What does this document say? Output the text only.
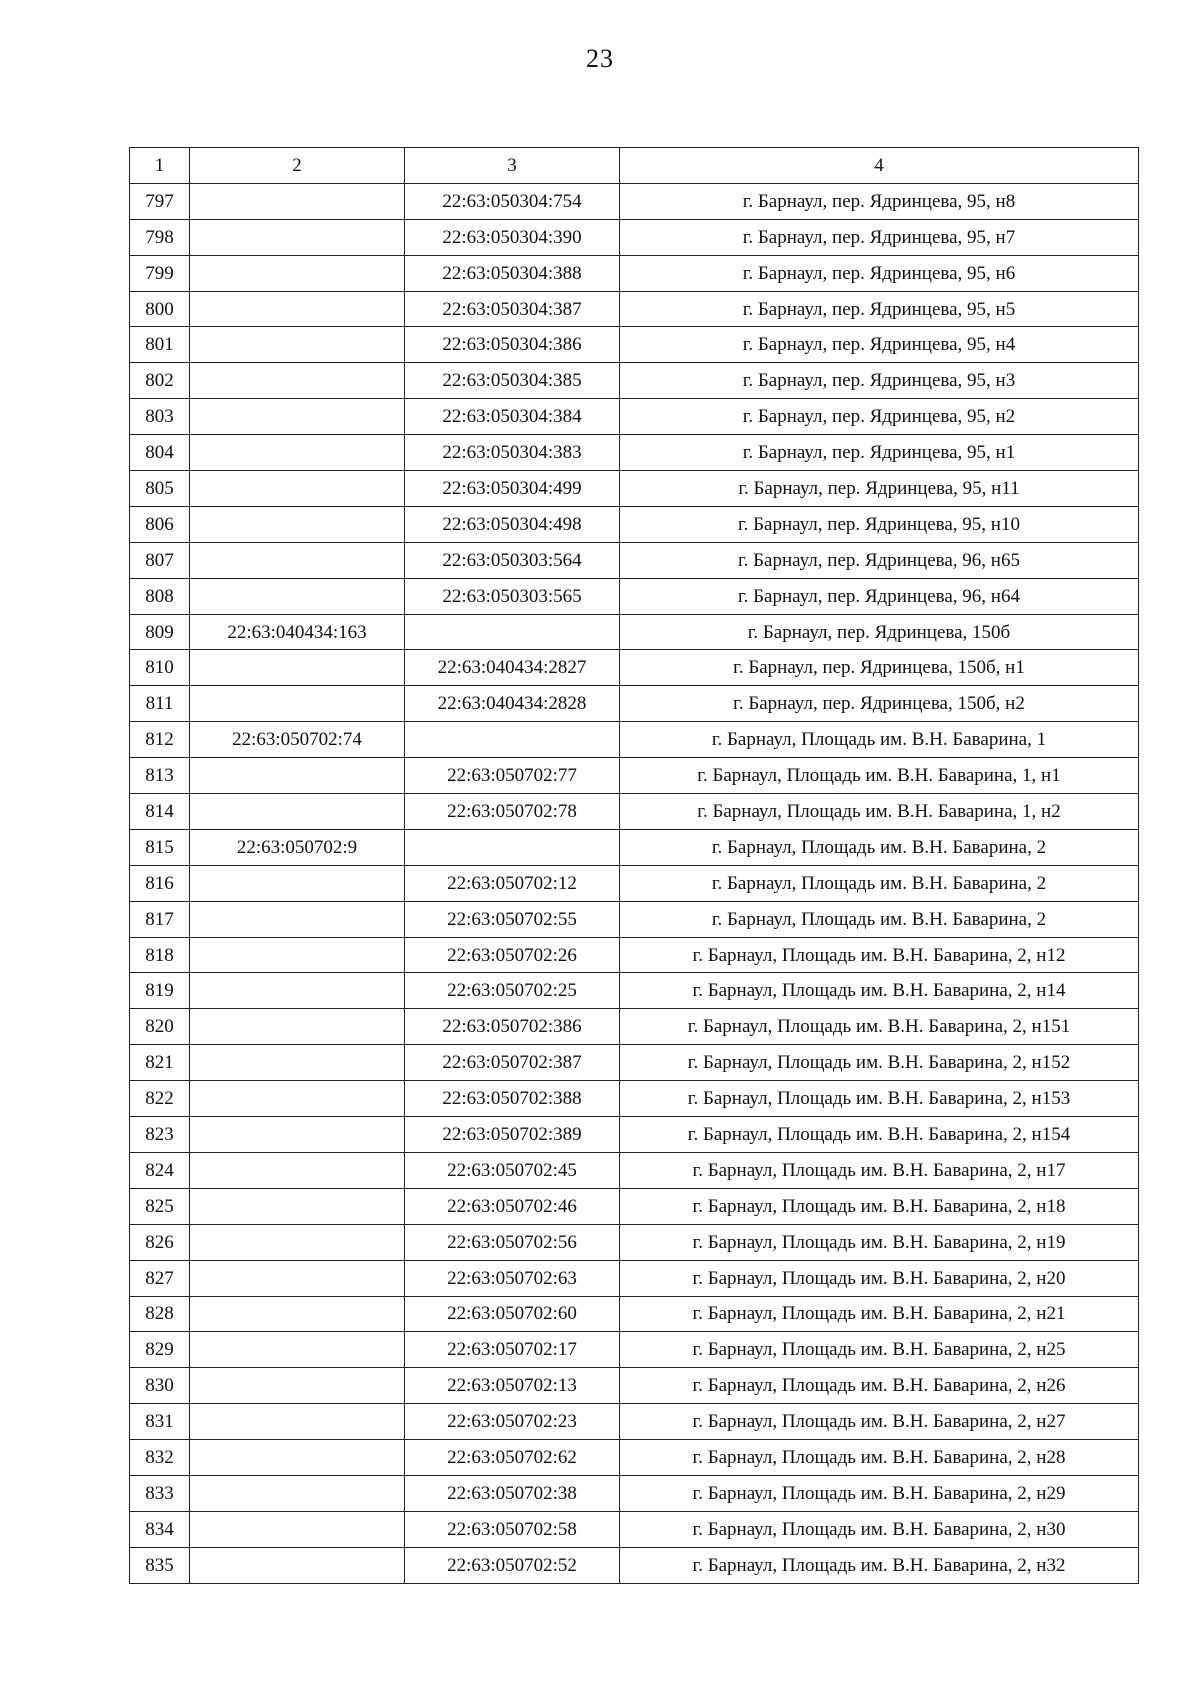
23
1	2	3	4
797		22:63:050304:754	г. Барнаул, пер. Ядринцева, 95, н8
798		22:63:050304:390	г. Барнаул, пер. Ядринцева, 95, н7
799		22:63:050304:388	г. Барнаул, пер. Ядринцева, 95, н6
800		22:63:050304:387	г. Барнаул, пер. Ядринцева, 95, н5
801		22:63:050304:386	г. Барнаул, пер. Ядринцева, 95, н4
802		22:63:050304:385	г. Барнаул, пер. Ядринцева, 95, н3
803		22:63:050304:384	г. Барнаул, пер. Ядринцева, 95, н2
804		22:63:050304:383	г. Барнаул, пер. Ядринцева, 95, н1
805		22:63:050304:499	г. Барнаул, пер. Ядринцева, 95, н11
806		22:63:050304:498	г. Барнаул, пер. Ядринцева, 95, н10
807		22:63:050303:564	г. Барнаул, пер. Ядринцева, 96, н65
808		22:63:050303:565	г. Барнаул, пер. Ядринцева, 96, н64
809	22:63:040434:163		г. Барнаул, пер. Ядринцева, 150б
810		22:63:040434:2827	г. Барнаул, пер. Ядринцева, 150б, н1
811		22:63:040434:2828	г. Барнаул, пер. Ядринцева, 150б, н2
812	22:63:050702:74		г. Барнаул, Площадь им. В.Н. Баварина, 1
813		22:63:050702:77	г. Барнаул, Площадь им. В.Н. Баварина, 1, н1
814		22:63:050702:78	г. Барнаул, Площадь им. В.Н. Баварина, 1, н2
815	22:63:050702:9		г. Барнаул, Площадь им. В.Н. Баварина, 2
816		22:63:050702:12	г. Барнаул, Площадь им. В.Н. Баварина, 2
817		22:63:050702:55	г. Барнаул, Площадь им. В.Н. Баварина, 2
818		22:63:050702:26	г. Барнаул, Площадь им. В.Н. Баварина, 2, н12
819		22:63:050702:25	г. Барнаул, Площадь им. В.Н. Баварина, 2, н14
820		22:63:050702:386	г. Барнаул, Площадь им. В.Н. Баварина, 2, н151
821		22:63:050702:387	г. Барнаул, Площадь им. В.Н. Баварина, 2, н152
822		22:63:050702:388	г. Барнаул, Площадь им. В.Н. Баварина, 2, н153
823		22:63:050702:389	г. Барнаул, Площадь им. В.Н. Баварина, 2, н154
824		22:63:050702:45	г. Барнаул, Площадь им. В.Н. Баварина, 2, н17
825		22:63:050702:46	г. Барнаул, Площадь им. В.Н. Баварина, 2, н18
826		22:63:050702:56	г. Барнаул, Площадь им. В.Н. Баварина, 2, н19
827		22:63:050702:63	г. Барнаул, Площадь им. В.Н. Баварина, 2, н20
828		22:63:050702:60	г. Барнаул, Площадь им. В.Н. Баварина, 2, н21
829		22:63:050702:17	г. Барнаул, Площадь им. В.Н. Баварина, 2, н25
830		22:63:050702:13	г. Барнаул, Площадь им. В.Н. Баварина, 2, н26
831		22:63:050702:23	г. Барнаул, Площадь им. В.Н. Баварина, 2, н27
832		22:63:050702:62	г. Барнаул, Площадь им. В.Н. Баварина, 2, н28
833		22:63:050702:38	г. Барнаул, Площадь им. В.Н. Баварина, 2, н29
834		22:63:050702:58	г. Барнаул, Площадь им. В.Н. Баварина, 2, н30
835		22:63:050702:52	г. Барнаул, Площадь им. В.Н. Баварина, 2, н32
